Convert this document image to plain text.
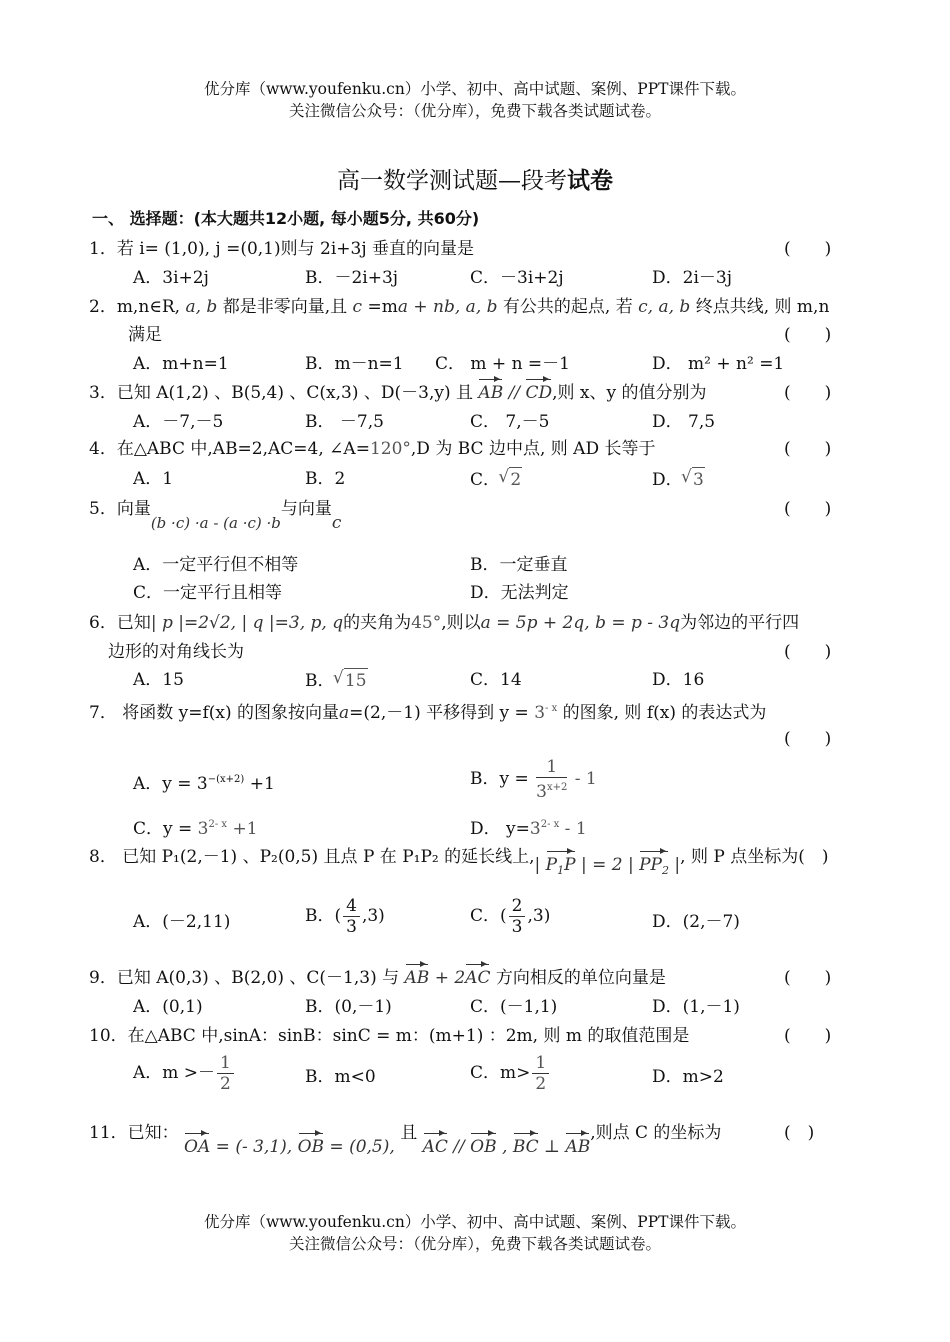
优分库（www.youfenku.cn）小学、初中、高中试题、案例、PPT课件下载。
关注微信公众号：（优分库），免费下载各类试题试卷。
高一数学测试题—段考试卷
一、 选择题：(本大题共12小题, 每小题5分, 共60分)
1．若 i= (1,0), j =(0,1)则与 2i+3j 垂直的向量是	(　　)
A．3i+2j	B．－2i+3j	C．－3i+2j	D．2i－3j
2．m,n∈R, a, b 都是非零向量,且 c =ma + nb, a, b 有公共的起点, 若 c, a, b 终点共线, 则 m,n
满足	(　　)
A．m+n=1	B．m－n=1 C． m + n =－1	D． m² + n² =1
3．已知 A(1,2) 、B(5,4) 、C(x,3) 、D(－3,y) 且 AB // CD,则 x、y 的值分别为	(　　)
A．－7,－5	B． －7,5	C． 7,－5	D． 7,5
4．在△ABC 中,AB=2,AC=4, ∠A=120°,D 为 BC 边中点, 则 AD 长等于	(　　)
A．1	B．2	C． √ 2	D． √ 3
5．向量(b ·c) ·a - (a ·c) ·b与向量c
(　　)
A．一定平行但不相等	B．一定垂直
C．一定平行且相等	D．无法判定
6．已知| p |=2√2, | q |=3, p, q的夹角为45°,则以a = 5p + 2q, b = p - 3q为邻边的平行四
边形的对角线长为	(　　)
A．15	B． √ 15	C．14	D．16
7． 将函数 y=f(x) 的图象按向量a=(2,－1) 平移得到 $y = 3^{- x}$ 的图象, 则 f(x) 的表达式为
(　　)
A．$y = 3^{-(x+2)} +1$	B．$y = \frac{1}{3^{x+2}} - 1$
C．$y = 3^{2- x} +1$	D． $y=3^{2- x} - 1$
8． 已知 P₁(2,－1) 、P₂(0,5) 且点 P 在 P₁P₂ 的延长线上,| $P_1P$ | = 2 | $PP_2$ |, 则 P 点坐标为(　)
A．(－2,11)	B．( $\frac{4}{3} ,3$)	C．( $\frac{2}{3} ,3$)	D．(2,－7)
9．已知 A(0,3) 、B(2,0) 、C(－1,3) 与 AB + 2AC 方向相反的单位向量是	(　　)
A．(0,1)	B．(0,－1)	C．(－1,1)	D．(1,－1)
10．在△ABC 中,sinA：sinB：sinC = m：(m+1) ：2m, 则 m 的取值范围是	(　　)
A．$m >- \frac{1}{2}$	B．m<0	C．$m> \frac{1}{2}$	D．m>2
11．已知： OA = (- 3,1), OB = (0,5), 且 AC // OB , BC ⊥ AB,则点 C 的坐标为	(　)
优分库（www.youfenku.cn）小学、初中、高中试题、案例、PPT课件下载。
关注微信公众号：（优分库），免费下载各类试题试卷。
